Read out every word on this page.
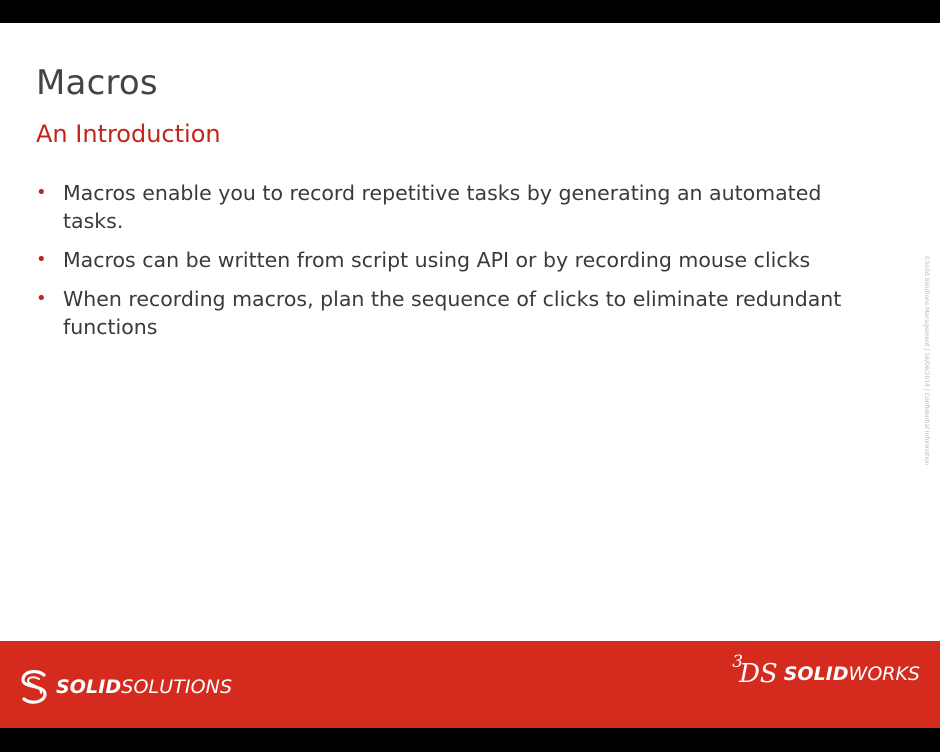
Macros
An Introduction
• Macros enable you to record repetitive tasks by generating an automated tasks.
• Macros can be written from script using API or by recording mouse clicks
• When recording macros, plan the sequence of clicks to eliminate redundant functions	©Solid Solutions Management | 16/06/2014 | Confidential Information
SOLIDSOLUTIONS
3
DS SOLIDWORKS
